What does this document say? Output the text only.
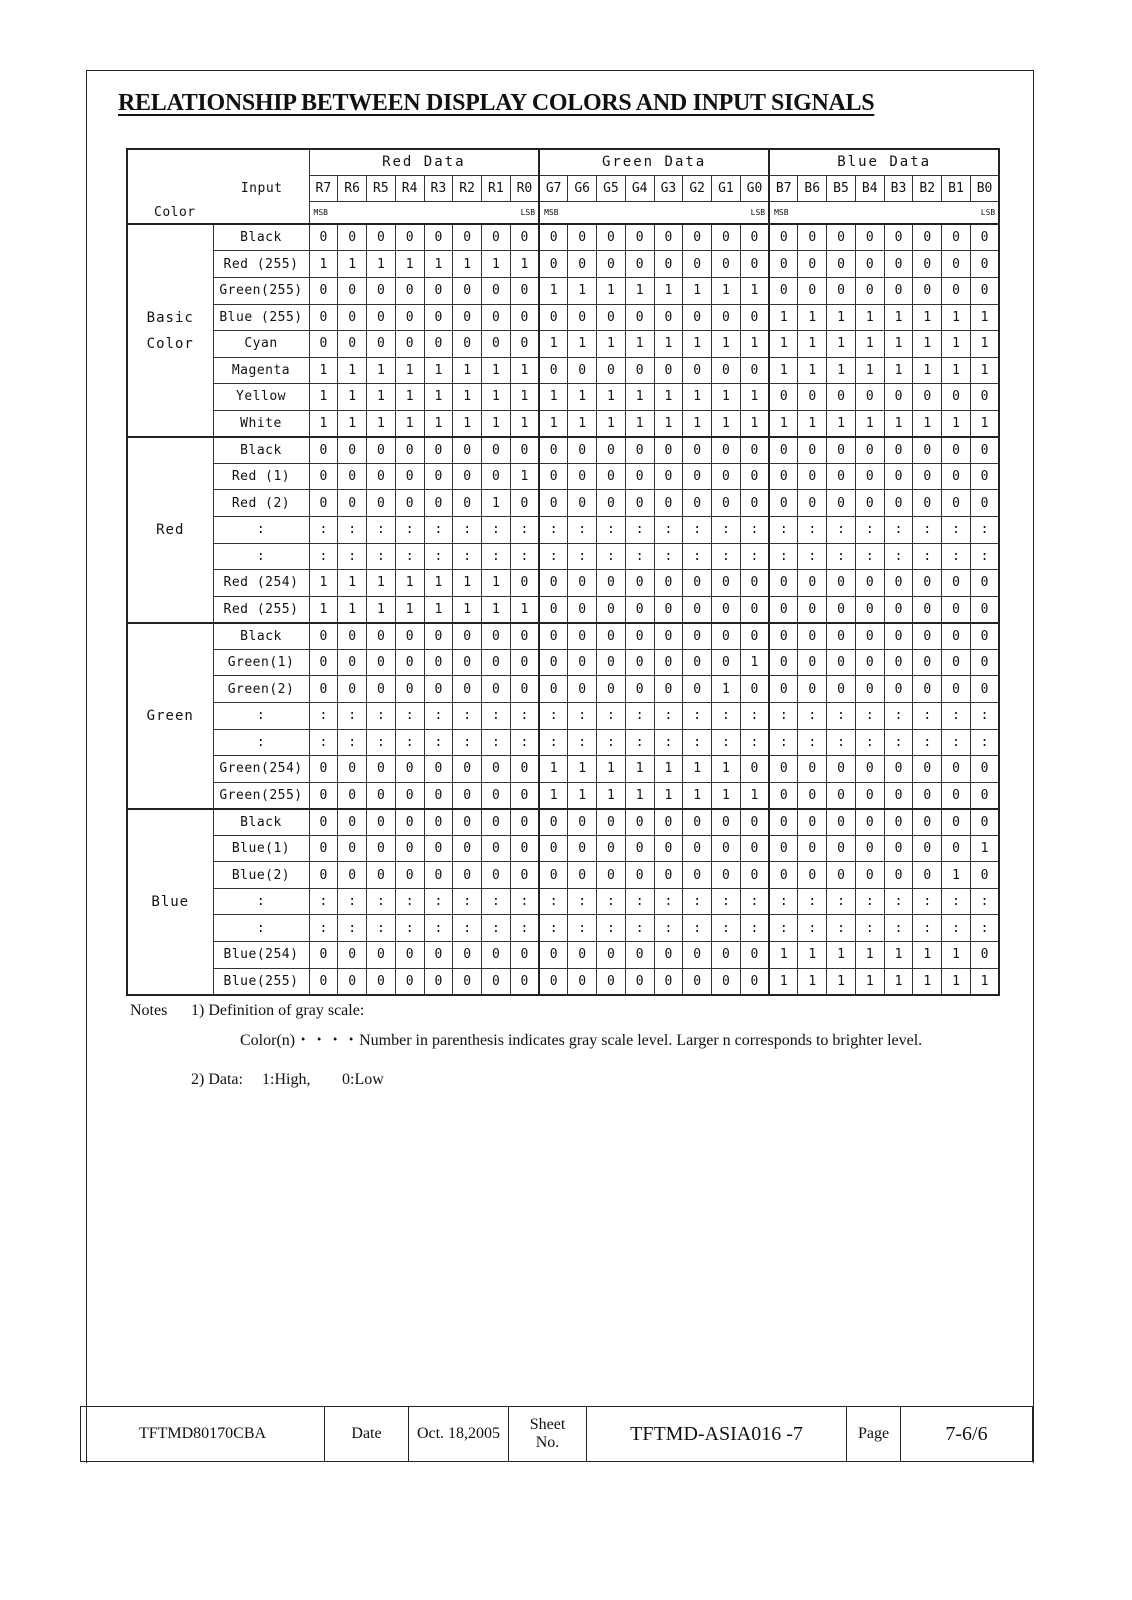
RELATIONSHIP BETWEEN DISPLAY COLORS AND INPUT SIGNALS
		Red Data								Green Data								Blue Data							
Input		R7	R6	R5	R4	R3	R2	R1	R0	G7	G6	G5	G4	G3	G2	G1	G0	B7	B6	B5	B4	B3	B2	B1	B0
Color		MSB							LSB	MSB							LSB	MSB							LSB

Basic
Color	Black	0	0	0	0	0	0	0	0	0	0	0	0	0	0	0	0	0	0	0	0	0	0	0	0
	Red (255)	1	1	1	1	1	1	1	1	0	0	0	0	0	0	0	0	0	0	0	0	0	0	0	0
	Green(255)	0	0	0	0	0	0	0	0	1	1	1	1	1	1	1	1	0	0	0	0	0	0	0	0
	Blue (255)	0	0	0	0	0	0	0	0	0	0	0	0	0	0	0	0	1	1	1	1	1	1	1	1
	Cyan	0	0	0	0	0	0	0	0	1	1	1	1	1	1	1	1	1	1	1	1	1	1	1	1
	Magenta	1	1	1	1	1	1	1	1	0	0	0	0	0	0	0	0	1	1	1	1	1	1	1	1
	Yellow	1	1	1	1	1	1	1	1	1	1	1	1	1	1	1	1	0	0	0	0	0	0	0	0
	White	1	1	1	1	1	1	1	1	1	1	1	1	1	1	1	1	1	1	1	1	1	1	1	1

Red	Black	0	0	0	0	0	0	0	0	0	0	0	0	0	0	0	0	0	0	0	0	0	0	0	0
	Red (1)	0	0	0	0	0	0	0	1	0	0	0	0	0	0	0	0	0	0	0	0	0	0	0	0
	Red (2)	0	0	0	0	0	0	1	0	0	0	0	0	0	0	0	0	0	0	0	0	0	0	0	0
	:	:	:	:	:	:	:	:	:	:	:	:	:	:	:	:	:	:	:	:	:	:	:	:	:
	:	:	:	:	:	:	:	:	:	:	:	:	:	:	:	:	:	:	:	:	:	:	:	:	:
	Red (254)	1	1	1	1	1	1	1	0	0	0	0	0	0	0	0	0	0	0	0	0	0	0	0	0
	Red (255)	1	1	1	1	1	1	1	1	0	0	0	0	0	0	0	0	0	0	0	0	0	0	0	0

Green	Black	0	0	0	0	0	0	0	0	0	0	0	0	0	0	0	0	0	0	0	0	0	0	0	0
	Green(1)	0	0	0	0	0	0	0	0	0	0	0	0	0	0	0	1	0	0	0	0	0	0	0	0
	Green(2)	0	0	0	0	0	0	0	0	0	0	0	0	0	0	1	0	0	0	0	0	0	0	0	0
	:	:	:	:	:	:	:	:	:	:	:	:	:	:	:	:	:	:	:	:	:	:	:	:	:
	:	:	:	:	:	:	:	:	:	:	:	:	:	:	:	:	:	:	:	:	:	:	:	:	:
	Green(254)	0	0	0	0	0	0	0	0	1	1	1	1	1	1	1	0	0	0	0	0	0	0	0	0
	Green(255)	0	0	0	0	0	0	0	0	1	1	1	1	1	1	1	1	0	0	0	0	0	0	0	0

Blue	Black	0	0	0	0	0	0	0	0	0	0	0	0	0	0	0	0	0	0	0	0	0	0	0	0
	Blue(1)	0	0	0	0	0	0	0	0	0	0	0	0	0	0	0	0	0	0	0	0	0	0	0	1
	Blue(2)	0	0	0	0	0	0	0	0	0	0	0	0	0	0	0	0	0	0	0	0	0	0	1	0
	:	:	:	:	:	:	:	:	:	:	:	:	:	:	:	:	:	:	:	:	:	:	:	:	:
	:	:	:	:	:	:	:	:	:	:	:	:	:	:	:	:	:	:	:	:	:	:	:	:	:
	Blue(254)	0	0	0	0	0	0	0	0	0	0	0	0	0	0	0	0	1	1	1	1	1	1	1	0
	Blue(255)	0	0	0	0	0	0	0	0	0	0	0	0	0	0	0	0	1	1	1	1	1	1	1	1
Notes 1) Definition of gray scale:
Color(n)・・・・Number in parenthesis indicates gray scale level. Larger n corresponds to brighter level.
2) Data: 1:High, 0:Low
TFTMD80170CBA	Date	Oct. 18,2005	
Sheet
No.	TFTMD-ASIA016 -7	Page	7-6/6
